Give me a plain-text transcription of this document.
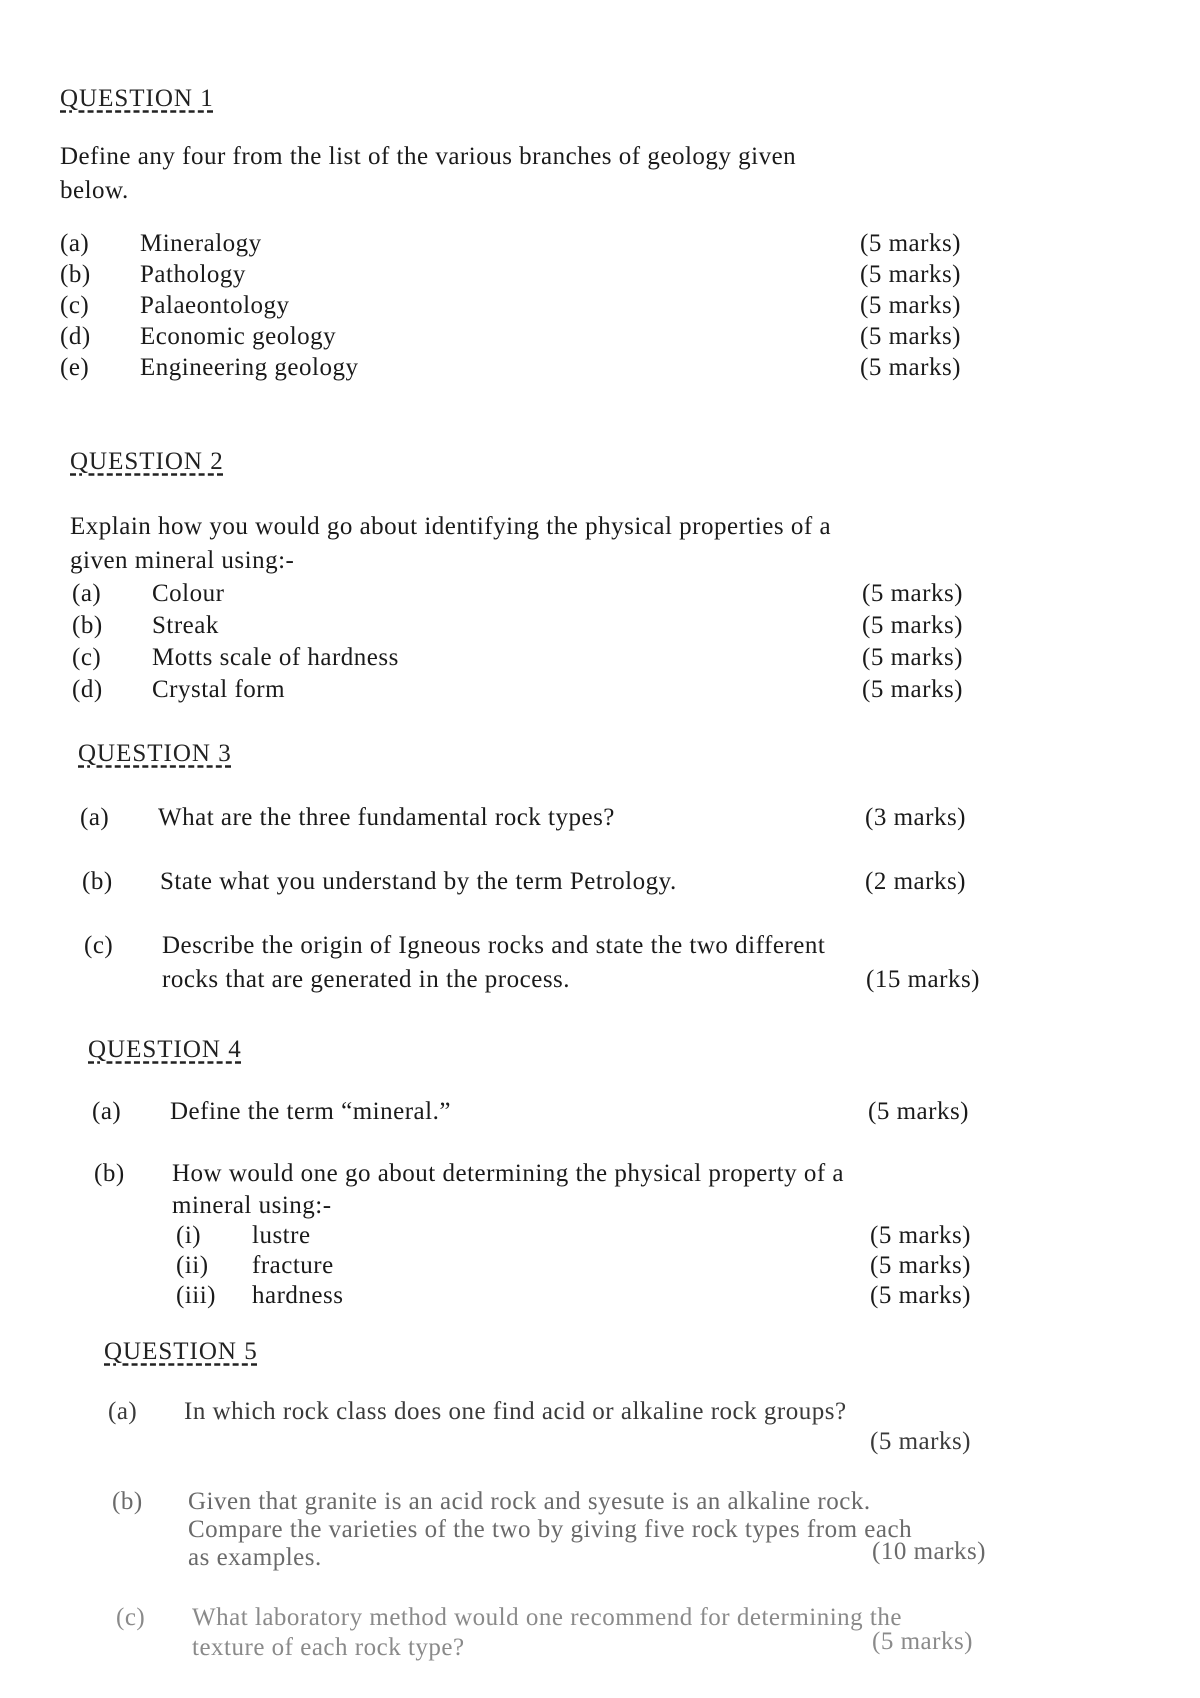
QUESTION 1
Define any four from the list of the various branches of geology given
below.
(a) Mineralogy	(5 marks)
(b) Pathology	(5 marks)
(c) Palaeontology	(5 marks)
(d) Economic geology	(5 marks)
(e) Engineering geology	(5 marks)
QUESTION 2
Explain how you would go about identifying the physical properties of a
given mineral using:-
(a) Colour	(5 marks)
(b) Streak	(5 marks)
(c) Motts scale of hardness	(5 marks)
(d) Crystal form	(5 marks)
QUESTION 3
(a) What are the three fundamental rock types?	(3 marks)
(b) State what you understand by the term Petrology.	(2 marks)
(c) Describe the origin of Igneous rocks and state the two different
rocks that are generated in the process.	(15 marks)
QUESTION 4
(a) Define the term “mineral.”	(5 marks)
(b) How would one go about determining the physical property of a
mineral using:-
(i) lustre	(5 marks)
(ii) fracture	(5 marks)
(iii) hardness	(5 marks)
QUESTION 5
(a) In which rock class does one find acid or alkaline rock groups?
(5 marks)
(b) Given that granite is an acid rock and syesute is an alkaline rock.
Compare the varieties of the two by giving five rock types from each
as examples.	(10 marks)
(c) What laboratory method would one recommend for determining the
texture of each rock type?	(5 marks)
